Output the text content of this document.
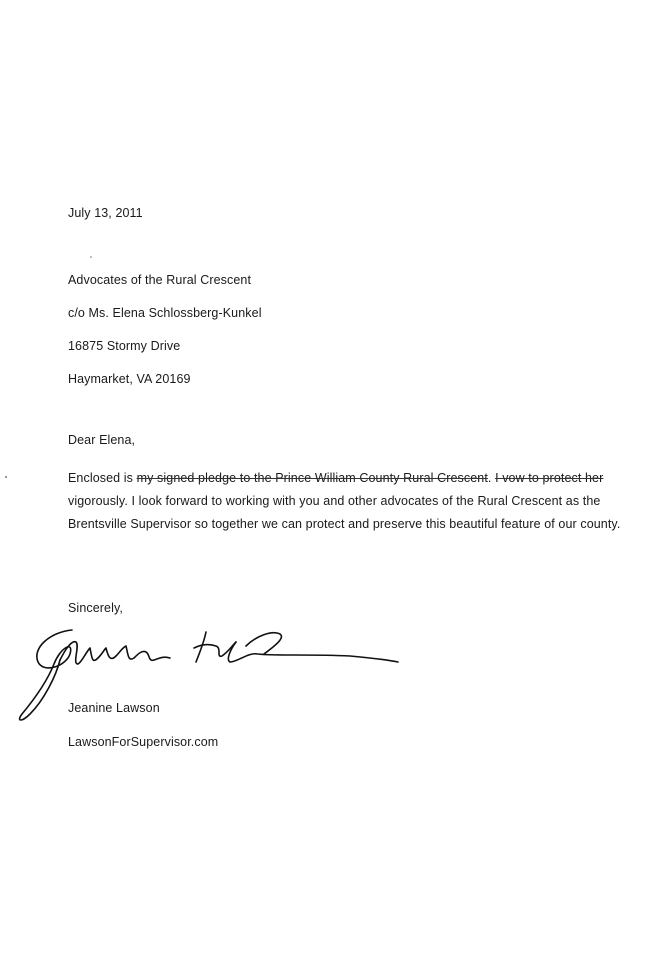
July 13, 2011
Advocates of the Rural Crescent
c/o Ms. Elena Schlossberg-Kunkel
16875 Stormy Drive
Haymarket, VA 20169
Dear Elena,
Enclosed is my signed pledge to the Prince William County Rural Crescent. I vow to protect her
vigorously. I look forward to working with you and other advocates of the Rural Crescent as the
Brentsville Supervisor so together we can protect and preserve this beautiful feature of our county.
Sincerely,
Jeanine Lawson
LawsonForSupervisor.com
